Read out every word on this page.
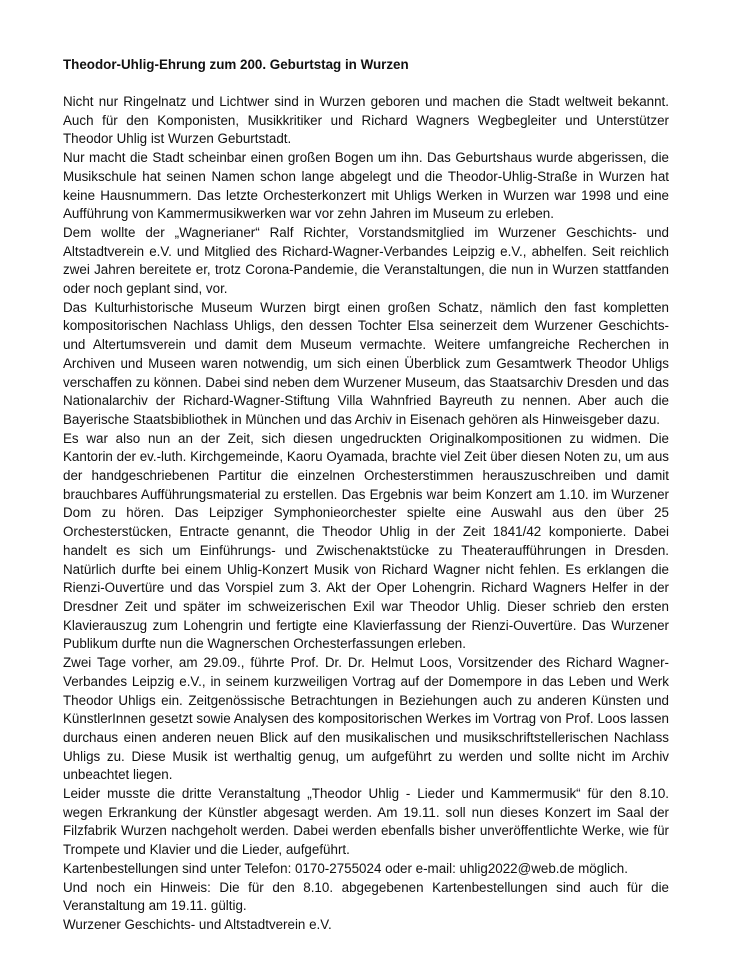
Theodor-Uhlig-Ehrung zum 200. Geburtstag in Wurzen

Nicht nur Ringelnatz und Lichtwer sind in Wurzen geboren und machen die Stadt weltweit bekannt. Auch für den Komponisten, Musikkritiker und Richard Wagners Wegbegleiter und Unterstützer Theodor Uhlig ist Wurzen Geburtstadt.

Nur macht die Stadt scheinbar einen großen Bogen um ihn. Das Geburtshaus wurde abgerissen, die Musikschule hat seinen Namen schon lange abgelegt und die Theodor-Uhlig-Straße in Wurzen hat keine Hausnummern. Das letzte Orchesterkonzert mit Uhligs Werken in Wurzen war 1998 und eine Aufführung von Kammermusikwerken war vor zehn Jahren im Museum zu erleben.

Dem wollte der „Wagnerianer“ Ralf Richter, Vorstandsmitglied im Wurzener Geschichts- und Altstadtverein e.V. und Mitglied des Richard-Wagner-Verbandes Leipzig e.V., abhelfen. Seit reichlich zwei Jahren bereitete er, trotz Corona-Pandemie, die Veranstaltungen, die nun in Wurzen stattfanden oder noch geplant sind, vor.

Das Kulturhistorische Museum Wurzen birgt einen großen Schatz, nämlich den fast kompletten kompositorischen Nachlass Uhligs, den dessen Tochter Elsa seinerzeit dem Wurzener Geschichts- und Altertumsverein und damit dem Museum vermachte. Weitere umfangreiche Recherchen in Archiven und Museen waren notwendig, um sich einen Überblick zum Gesamtwerk Theodor Uhligs verschaffen zu können. Dabei sind neben dem Wurzener Museum, das Staatsarchiv Dresden und das Nationalarchiv der Richard-Wagner-Stiftung Villa Wahnfried Bayreuth zu nennen. Aber auch die Bayerische Staatsbibliothek in München und das Archiv in Eisenach gehören als Hinweisgeber dazu.

Es war also nun an der Zeit, sich diesen ungedruckten Originalkompositionen zu widmen. Die Kantorin der ev.-luth. Kirchgemeinde, Kaoru Oyamada, brachte viel Zeit über diesen Noten zu, um aus der handgeschriebenen Partitur die einzelnen Orchesterstimmen herauszuschreiben und damit brauchbares Aufführungsmaterial zu erstellen. Das Ergebnis war beim Konzert am 1.10. im Wurzener Dom zu hören. Das Leipziger Symphonieorchester spielte eine Auswahl aus den über 25 Orchesterstücken, Entracte genannt, die Theodor Uhlig in der Zeit 1841/42 komponierte. Dabei handelt es sich um Einführungs- und Zwischenaktstücke zu Theateraufführungen in Dresden. Natürlich durfte bei einem Uhlig-Konzert Musik von Richard Wagner nicht fehlen. Es erklangen die Rienzi-Ouvertüre und das Vorspiel zum 3. Akt der Oper Lohengrin. Richard Wagners Helfer in der Dresdner Zeit und später im schweizerischen Exil war Theodor Uhlig. Dieser schrieb den ersten Klavierauszug zum Lohengrin und fertigte eine Klavierfassung der Rienzi-Ouvertüre. Das Wurzener Publikum durfte nun die Wagnerschen Orchesterfassungen erleben.

Zwei Tage vorher, am 29.09., führte Prof. Dr. Dr. Helmut Loos, Vorsitzender des Richard Wagner-Verbandes Leipzig e.V., in seinem kurzweiligen Vortrag auf der Domempore in das Leben und Werk Theodor Uhligs ein. Zeitgenössische Betrachtungen in Beziehungen auch zu anderen Künsten und KünstlerInnen gesetzt sowie Analysen des kompositorischen Werkes im Vortrag von Prof. Loos lassen durchaus einen anderen neuen Blick auf den musikalischen und musikschriftstellerischen Nachlass Uhligs zu. Diese Musik ist werthaltig genug, um aufgeführt zu werden und sollte nicht im Archiv unbeachtet liegen.

Leider musste die dritte Veranstaltung „Theodor Uhlig - Lieder und Kammermusik“ für den 8.10. wegen Erkrankung der Künstler abgesagt werden. Am 19.11. soll nun dieses Konzert im Saal der Filzfabrik Wurzen nachgeholt werden. Dabei werden ebenfalls bisher unveröffentlichte Werke, wie für Trompete und Klavier und die Lieder, aufgeführt.

Kartenbestellungen sind unter Telefon: 0170-2755024 oder e-mail: uhlig2022@web.de möglich.

Und noch ein Hinweis: Die für den 8.10. abgegebenen Kartenbestellungen sind auch für die Veranstaltung am 19.11. gültig.

Wurzener Geschichts- und Altstadtverein e.V.
